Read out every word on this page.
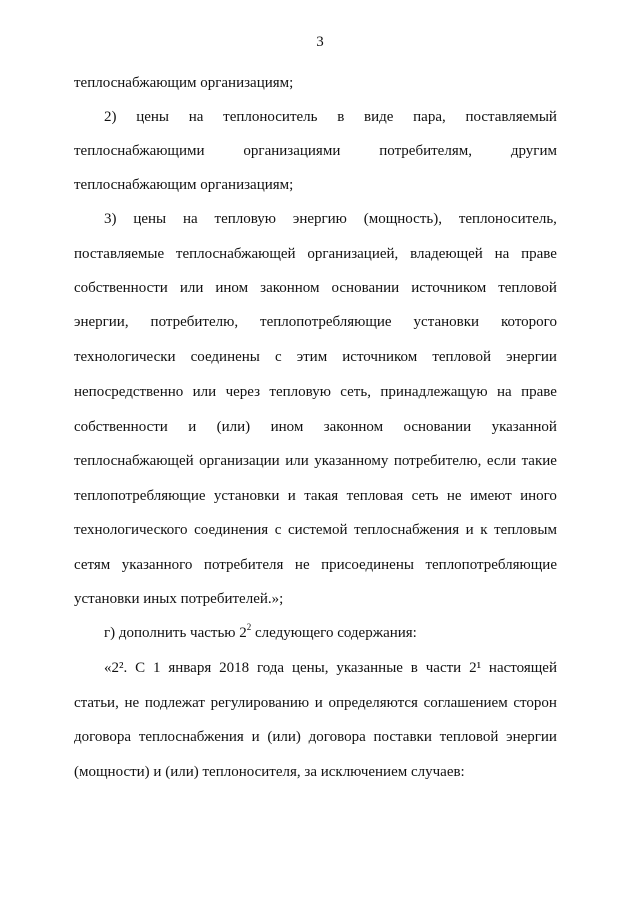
3
теплоснабжающим организациям;
2) цены на теплоноситель в виде пара, поставляемый
теплоснабжающими	организациями	потребителям,	другим
теплоснабжающим организациям;
3) цены на тепловую энергию (мощность), теплоноситель,
поставляемые теплоснабжающей организацией, владеющей на праве
собственности или ином законном основании источником тепловой
энергии, потребителю, теплопотребляющие установки которого
технологически соединены с этим источником тепловой энергии
непосредственно или через тепловую сеть, принадлежащую на праве
собственности и (или) ином законном основании указанной
теплоснабжающей организации или указанному потребителю, если такие
теплопотребляющие установки и такая тепловая сеть не имеют иного
технологического соединения с системой теплоснабжения и к тепловым
сетям указанного потребителя не присоединены теплопотребляющие
установки иных потребителей.»;
г) дополнить частью $2^2$ следующего содержания:
«2². С 1 января 2018 года цены, указанные в части 2¹ настоящей
статьи, не подлежат регулированию и определяются соглашением сторон
договора теплоснабжения и (или) договора поставки тепловой энергии
(мощности) и (или) теплоносителя, за исключением случаев:
